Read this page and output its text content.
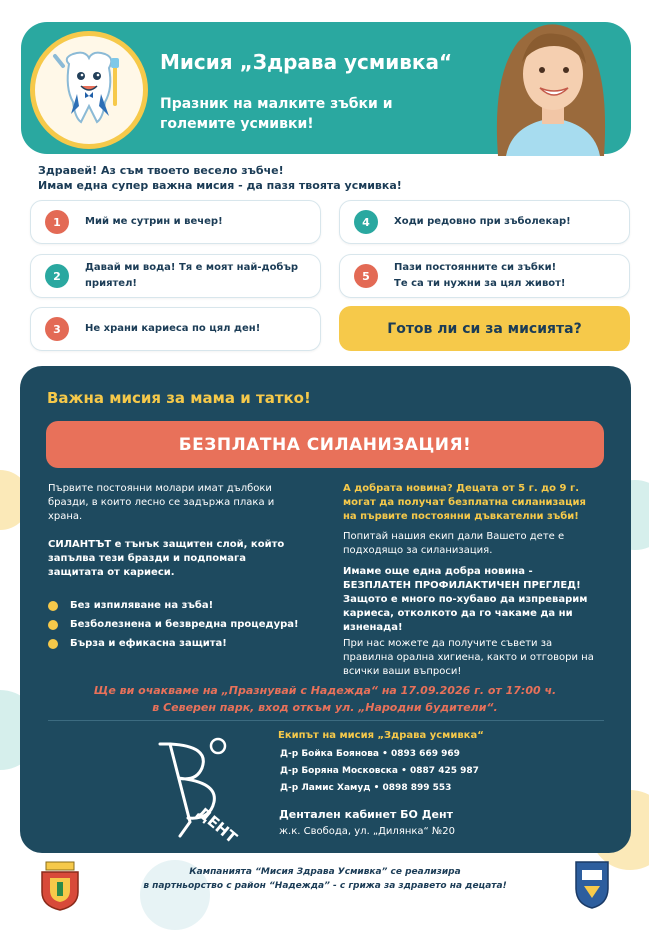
Мисия „Здрава усмивка“
Празник на малките зъбки и
големите усмивки!
Здравей! Аз съм твоето весело зъбче!
Имам една супер важна мисия - да пазя твоята усмивка!
1	Мий ме сутрин и вечер!
2
Давай ми вода! Тя е моят най-добър
приятел!
3	Не храни кариеса по цял ден!
4	Ходи редовно при зъболекар!
5
Пази постоянните си зъбки!
Те са ти нужни за цял живот!
Готов ли си за мисията?
Важна мисия за мама и татко!
БЕЗПЛАТНА СИЛАНИЗАЦИЯ!
Първите постоянни молари имат дълбоки
бразди, в които лесно се задържа плака и
храна.
СИЛАНТЪТ е тънък защитен слой, който
запълва тези бразди и подпомага
защитата от кариеси.
Без изпиляване на зъба!
Безболезнена и безвредна процедура!
Бърза и ефикасна защита!
А добрата новина? Децата от 5 г. до 9 г.
могат да получат безплатна силанизация
на първите постоянни дъвкателни зъби!
Попитай нашия екип дали Вашето дете е
подходящо за силанизация.
Имаме още една добра новина -
БЕЗПЛАТЕН ПРОФИЛАКТИЧЕН ПРЕГЛЕД!
Защото е много по-хубаво да изпреварим
кариеса, отколкото да го чакаме да ни
изненада!
При нас можете да получите съвети за
правилна орална хигиена, както и отговори на
всички ваши въпроси!
Ще ви очакваме на „Празнувай с Надежда“ на 17.09.2026 г. от 17:00 ч.
в Северен парк, вход откъм ул. „Народни будители“.
ДЕНТ
Екипът на мисия „Здрава усмивка“
Д-р Бойка Боянова • 0893 669 969
Д-р Боряна Московска • 0887 425 987
Д-р Ламис Хамуд • 0898 899 553
Дентален кабинет БО Дент
ж.к. Свобода, ул. „Дилянка“ №20
Кампанията “Мисия Здрава Усмивка” се реализира
в партньорство с район “Надежда” - с грижа за здравето на децата!
